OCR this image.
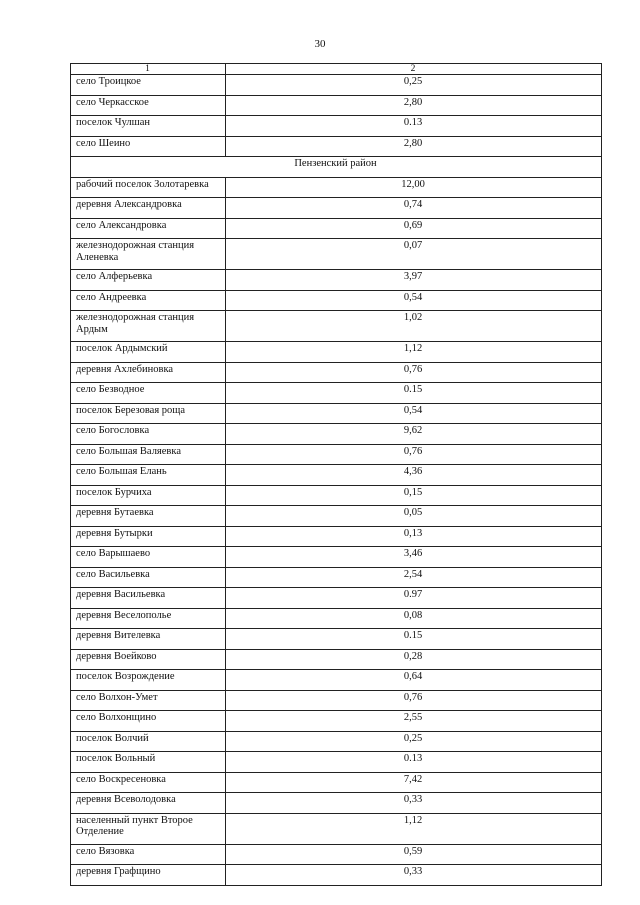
30
1	2
село Троицкое	0,25
село Черкасское	2,80
поселок Чулшан	0.13
село Шеино	2,80
Пензенский район	
рабочий поселок Золотаревка	12,00
деревня Александровка	0,74
село Александровка	0,69
железнодорожная станция Аленевка	0,07
село Алферьевка	3,97
село Андреевка	0,54
железнодорожная станция Ардым	1,02
поселок Ардымский	1,12
деревня Ахлебиновка	0,76
село Безводное	0.15
поселок Березовая роща	0,54
село Богословка	9,62
село Большая Валяевка	0,76
село Большая Елань	4,36
поселок Бурчиха	0,15
деревня Бутаевка	0,05
деревня Бутырки	0,13
село Варышаево	3,46
село Васильевка	2,54
деревня Васильевка	0.97
деревня Веселополье	0,08
деревня Вителевка	0.15
деревня Воейково	0,28
поселок Возрождение	0,64
село Волхон-Умет	0,76
село Волхонщино	2,55
поселок Волчий	0,25
поселок Вольный	0.13
село Воскресеновка	7,42
деревня Всеволодовка	0,33
населенный пункт Второе Отделение	1,12
село Вязовка	0,59
деревня Графщино	0,33
